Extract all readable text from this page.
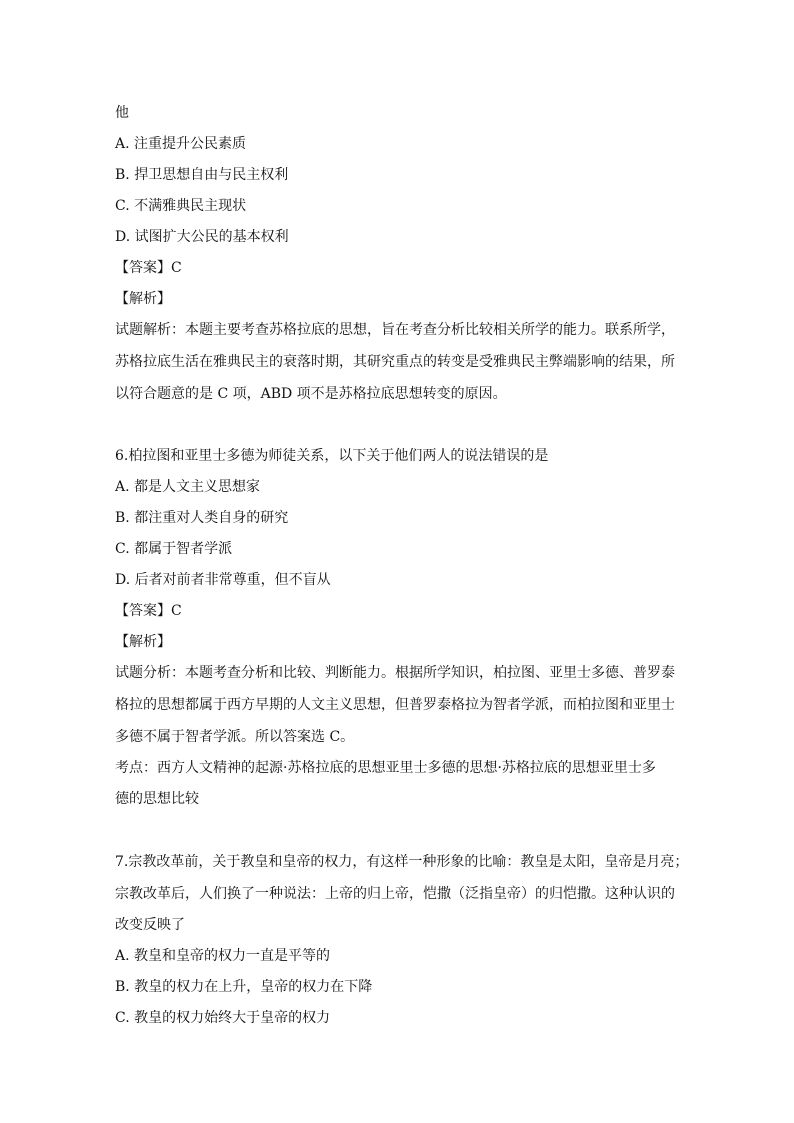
他
A. 注重提升公民素质
B. 捍卫思想自由与民主权利
C. 不满雅典民主现状
D. 试图扩大公民的基本权利
【答案】C
【解析】
试题解析：本题主要考查苏格拉底的思想，旨在考查分析比较相关所学的能力。联系所学，
苏格拉底生活在雅典民主的衰落时期，其研究重点的转变是受雅典民主弊端影响的结果，所
以符合题意的是 C 项，ABD 项不是苏格拉底思想转变的原因。
6.柏拉图和亚里士多德为师徒关系，以下关于他们两人的说法错误的是
A. 都是人文主义思想家
B. 都注重对人类自身的研究
C. 都属于智者学派
D. 后者对前者非常尊重，但不盲从
【答案】C
【解析】
试题分析：本题考查分析和比较、判断能力。根据所学知识，柏拉图、亚里士多德、普罗泰
格拉的思想都属于西方早期的人文主义思想，但普罗泰格拉为智者学派，而柏拉图和亚里士
多德不属于智者学派。所以答案选 C。
考点：西方人文精神的起源·苏格拉底的思想亚里士多德的思想·苏格拉底的思想亚里士多
德的思想比较
7.宗教改革前，关于教皇和皇帝的权力，有这样一种形象的比喻：教皇是太阳，皇帝是月亮；
宗教改革后，人们换了一种说法：上帝的归上帝，恺撒（泛指皇帝）的归恺撒。这种认识的
改变反映了
A. 教皇和皇帝的权力一直是平等的
B. 教皇的权力在上升，皇帝的权力在下降
C. 教皇的权力始终大于皇帝的权力
